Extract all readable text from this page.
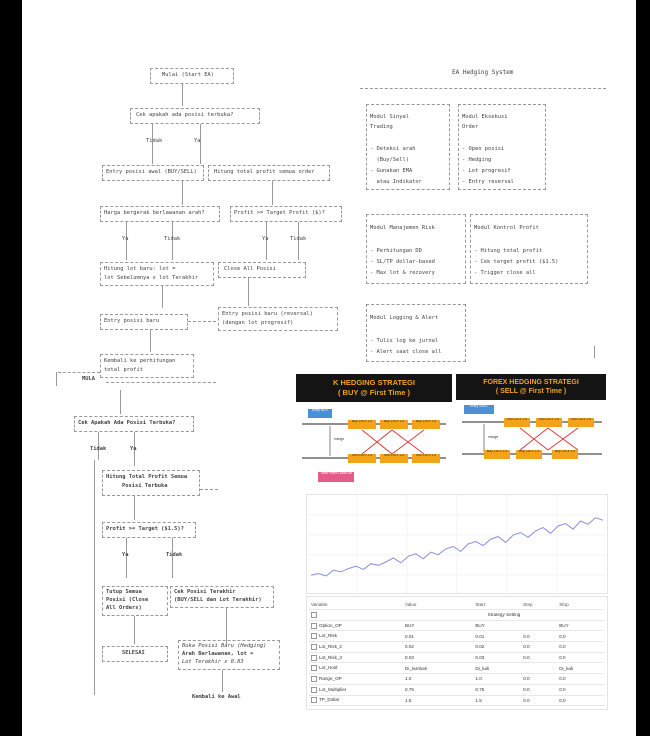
Mulai (Start EA)
Cek apakah ada posisi terbuka?
Tidak	Ya
Entry posisi awal (BUY/SELL)	Hitung total profit semua order
Harga bergerak berlawanan arah?	Profit >= Target Profit ($)?
Ya	Tidak	Ya	Tidak
Hitung lot baru: lot =
lot Sebelumnya x lot Terakhir
Close All Posisi
Entry posisi baru (reversal)
(dengan lot progresif)
Entry posisi baru
Kembali ke perhitungan
total profit
MULA
Cek Apakah Ada Posisi Terbuka?
Tidak	Ya
Hitung Total Profit Semua
Posisi Terbuka
Profit >= Target ($1.5)?
Ya	Tidak
Tutup Semua
Posisi (Close
All Orders)
Cek Posisi Terakhir
(BUY/SELL dan Lot Terakhir)
SELESAI
Buka Posisi Baru (Hedging)
Arah Berlawanan, lot =
Lot Terakhir x 0.83
Kembali ke Awal
EA Hedging System
Modul Sinyal
Trading
- Deteksi arah
(Buy/Sell)
- Gunakan EMA
atau Indikator
Modul Eksekusi
Order
- Open posisi
- Hedging
- Lot progresif
- Entry reversal
Modul Manajemen Risk
- Perhitungan DD
- SL/TP dollar-based
- Max lot & recovery
Modul Kontrol Profit
- Hitung total profit
- Cek target profit ($1.5)
- Trigger close all
Modul Logging & Alert
- Tulis log ke jurnal
- Alert saat close all
K HEDGING STRATEGI
( BUY @ First Time )
Entry BUY
Buy Lot x 1.5	Buy Lot x 1.5	Buy Lot x 1.5
Sell Lot x 1.5	Sell Lot x 1.5	Sell Lot x 1.5
Range
Total Profit Close All
FOREX HEDGING STRATEGI
( SELL @ First Time )
Entry SELL
Sell Lot x 1.5	Sell Lot x 1.5	Sell Lot x 1.5
Buy Lot x 1.5	Buy Lot x 1.5	Buy Lot x 1.5
Range
Variable	Value	Start	Step	Stop
	Strategy Setting			
Option_OP	BUY	BUY		BUY
Lot_Risk	0.01	0.01	0.0	0.0
Lot_Risk_2	0.02	0.02	0.0	0.0
Lot_Risk_3	0.03	0.03	0.0	0.0
Lot_Hold	Di_tambah	Di_kali		Di_kali
Range_OP	1.0	1.0	0.0	0.0
Lot_Multiplier	0.75	0.75	0.0	0.0
TP_Dollar	1.5	1.5	0.0	0.0
